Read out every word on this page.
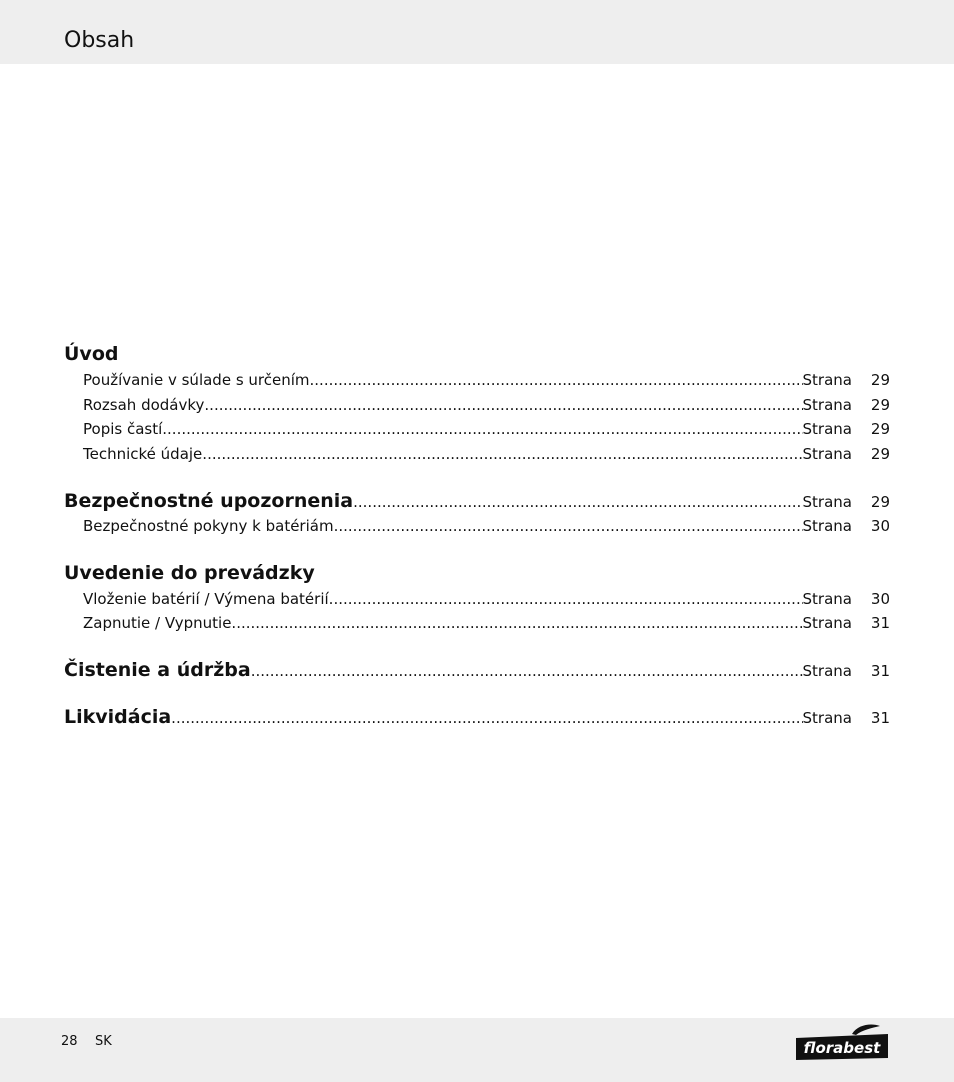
Obsah
Úvod
Používanie v súlade s určením .....	Strana	29
Rozsah dodávky .....	Strana	29
Popis častí .....	Strana	29
Technické údaje .....	Strana	29
Bezpečnostné upozornenia .....	Strana	29
Bezpečnostné pokyny k batériám .....	Strana	30
Uvedenie do prevádzky
Vloženie batérií / Výmena batérií .....	Strana	30
Zapnutie / Vypnutie .....	Strana	31
Čistenie a údržba .....	Strana	31
Likvidácia .....	Strana	31
28 SK	florabest
